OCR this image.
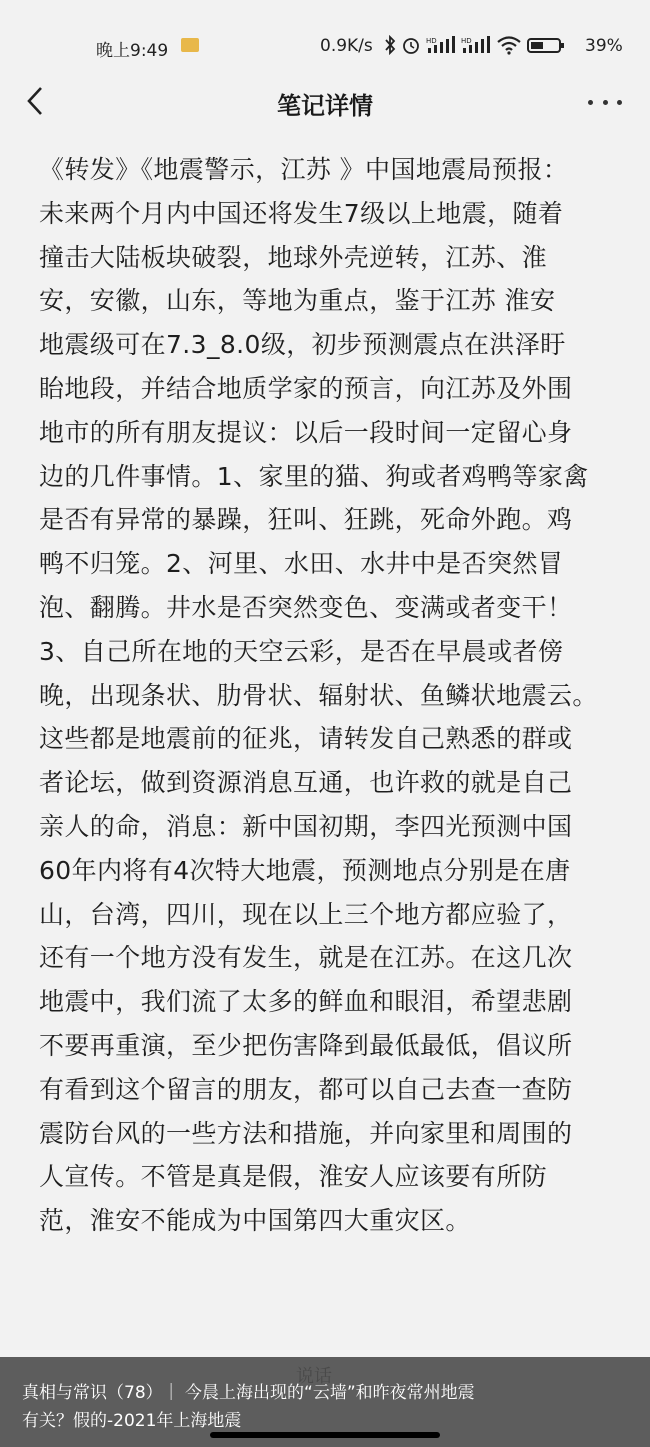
晚上9:49	0.9K/s	HD	HD	39%
笔记详情
《转发》《地震警示，江苏 》中国地震局预报：
未来两个月内中国还将发生7级以上地震，随着
撞击大陆板块破裂，地球外壳逆转，江苏、淮
安，安徽，山东，等地为重点，鉴于江苏 淮安
地震级可在7.3_8.0级，初步预测震点在洪泽盱
眙地段，并结合地质学家的预言，向江苏及外围
地市的所有朋友提议：以后一段时间一定留心身
边的几件事情。1、家里的猫、狗或者鸡鸭等家禽
是否有异常的暴躁，狂叫、狂跳，死命外跑。鸡
鸭不归笼。2、河里、水田、水井中是否突然冒
泡、翻腾。井水是否突然变色、变满或者变干！
3、自己所在地的天空云彩，是否在早晨或者傍
晚，出现条状、肋骨状、辐射状、鱼鳞状地震云。
这些都是地震前的征兆，请转发自己熟悉的群或
者论坛，做到资源消息互通，也许救的就是自己
亲人的命，消息：新中国初期，李四光预测中国
60年内将有4次特大地震，预测地点分别是在唐
山，台湾，四川，现在以上三个地方都应验了，
还有一个地方没有发生，就是在江苏。在这几次
地震中，我们流了太多的鲜血和眼泪，希望悲剧
不要再重演，至少把伤害降到最低最低，倡议所
有看到这个留言的朋友，都可以自己去查一查防
震防台风的一些方法和措施，并向家里和周围的
人宣传。不管是真是假，淮安人应该要有所防
范，淮安不能成为中国第四大重灾区。
真相与常识（78）｜ 今晨上海出现的“云墙”和昨夜常州地震
有关？假的-2021年上海地震
